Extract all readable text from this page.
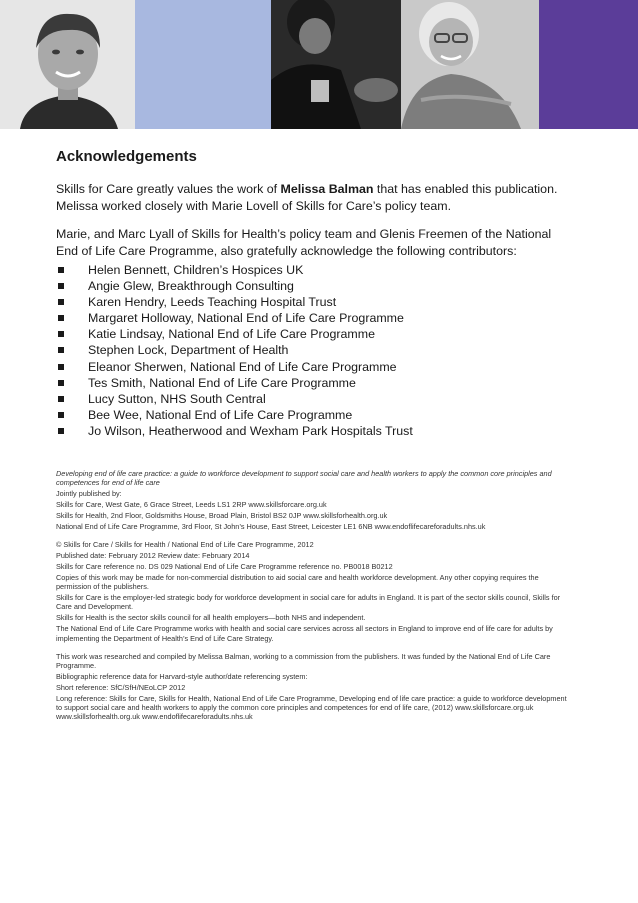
Acknowledgements

Skills for Care greatly values the work of Melissa Balman that has enabled this publication. Melissa worked closely with Marie Lovell of Skills for Care’s policy team.

Marie, and Marc Lyall of Skills for Health’s policy team and Glenis Freemen of the National End of Life Care Programme, also gratefully acknowledge the following contributors:

Helen Bennett, Children’s Hospices UK
Angie Glew, Breakthrough Consulting
Karen Hendry, Leeds Teaching Hospital Trust
Margaret Holloway, National End of Life Care Programme
Katie Lindsay, National End of Life Care Programme
Stephen Lock, Department of Health
Eleanor Sherwen, National End of Life Care Programme
Tes Smith, National End of Life Care Programme
Lucy Sutton, NHS South Central
Bee Wee, National End of Life Care Programme
Jo Wilson, Heatherwood and Wexham Park Hospitals Trust

Developing end of life care practice: a guide to workforce development to support social care and health workers to apply the common core principles and competences for end of life care

Jointly published by:

Skills for Care, West Gate, 6 Grace Street, Leeds LS1 2RP www.skillsforcare.org.uk

Skills for Health, 2nd Floor, Goldsmiths House, Broad Plain, Bristol BS2 0JP www.skillsforhealth.org.uk

National End of Life Care Programme, 3rd Floor, St John’s House, East Street, Leicester LE1 6NB www.endoflifecareforadults.nhs.uk

© Skills for Care / Skills for Health / National End of Life Care Programme, 2012

Published date: February 2012 Review date: February 2014

Skills for Care reference no. DS 029 National End of Life Care Programme reference no. PB0018 B0212

Copies of this work may be made for non-commercial distribution to aid social care and health workforce development. Any other copying requires the permission of the publishers.

Skills for Care is the employer-led strategic body for workforce development in social care for adults in England. It is part of the sector skills council, Skills for Care and Development.

Skills for Health is the sector skills council for all health employers—both NHS and independent.

The National End of Life Care Programme works with health and social care services across all sectors in England to improve end of life care for adults by implementing the Department of Health’s End of Life Care Strategy.

This work was researched and compiled by Melissa Balman, working to a commission from the publishers. It was funded by the National End of Life Care Programme.

Bibliographic reference data for Harvard-style author/date referencing system:

Short reference: SfC/SfH/NEoLCP 2012

Long reference: Skills for Care, Skills for Health, National End of Life Care Programme, Developing end of life care practice: a guide to workforce development to support social care and health workers to apply the common core principles and competences for end of life care, (2012) www.skillsforcare.org.uk www.skillsforhealth.org.uk www.endoflifecareforadults.nhs.uk
